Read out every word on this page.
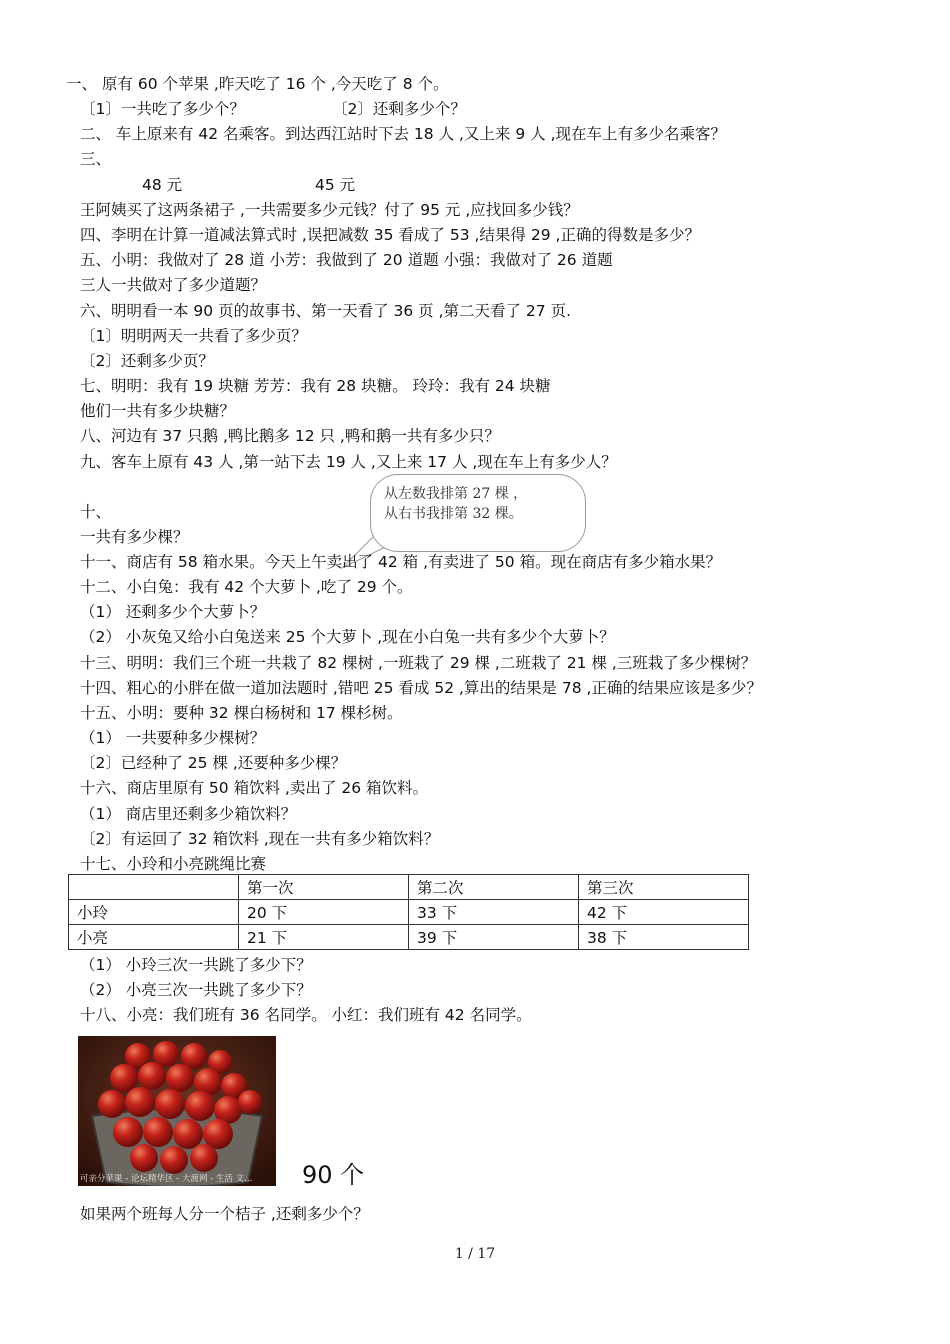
一、 原有 60 个苹果 ,昨天吃了 16 个 ,今天吃了 8 个。
〔1〕一共吃了多少个？	〔2〕还剩多少个？
二、 车上原来有 42 名乘客。到达西江站时下去 18 人 ,又上来 9 人 ,现在车上有多少名乘客？
三、
48 元	45 元
王阿姨买了这两条裙子 ,一共需要多少元钱？付了 95 元 ,应找回多少钱？
四、李明在计算一道减法算式时 ,误把减数 35 看成了 53 ,结果得 29 ,正确的得数是多少？
五、小明：我做对了 28 道 小芳：我做到了 20 道题 小强：我做对了 26 道题
三人一共做对了多少道题？
六、明明看一本 90 页的故事书、第一天看了 36 页 ,第二天看了 27 页.
〔1〕明明两天一共看了多少页？
〔2〕还剩多少页？
七、明明：我有 19 块糖 芳芳：我有 28 块糖。 玲玲：我有 24 块糖
他们一共有多少块糖？
八、河边有 37 只鹅 ,鸭比鹅多 12 只 ,鸭和鹅一共有多少只？
九、客车上原有 43 人 ,第一站下去 19 人 ,又上来 17 人 ,现在车上有多少人？
十、
从左数我排第 27 棵 ，
从右书我排第 32 棵。
一共有多少棵？
十一、商店有 58 箱水果。今天上午卖出了 42 箱 ,有卖进了 50 箱。现在商店有多少箱水果？
十二、小白兔：我有 42 个大萝卜 ,吃了 29 个。
（1） 还剩多少个大萝卜？
（2） 小灰兔又给小白兔送来 25 个大萝卜 ,现在小白兔一共有多少个大萝卜？
十三、明明：我们三个班一共栽了 82 棵树 ,一班栽了 29 棵 ,二班栽了 21 棵 ,三班栽了多少棵树？
十四、粗心的小胖在做一道加法题时 ,错吧 25 看成 52 ,算出的结果是 78 ,正确的结果应该是多少？
十五、小明：要种 32 棵白杨树和 17 棵杉树。
（1） 一共要种多少棵树？
〔2〕已经种了 25 棵 ,还要种多少棵？
十六、商店里原有 50 箱饮料 ,卖出了 26 箱饮料。
（1） 商店里还剩多少箱饮料？
〔2〕有运回了 32 箱饮料 ,现在一共有多少箱饮料？
十七、小玲和小亮跳绳比赛
	第一次	第二次	第三次
小玲	20 下	33 下	42 下
小亮	21 下	39 下	38 下
（1） 小玲三次一共跳了多少下？
（2） 小亮三次一共跳了多少下？
十八、小亮：我们班有 36 名同学。 小红：我们班有 42 名同学。
可亲分苹果 - 论坛精华区 - 大渡网 - 生活 文...	90 个
如果两个班每人分一个桔子 ,还剩多少个？
1 / 17
